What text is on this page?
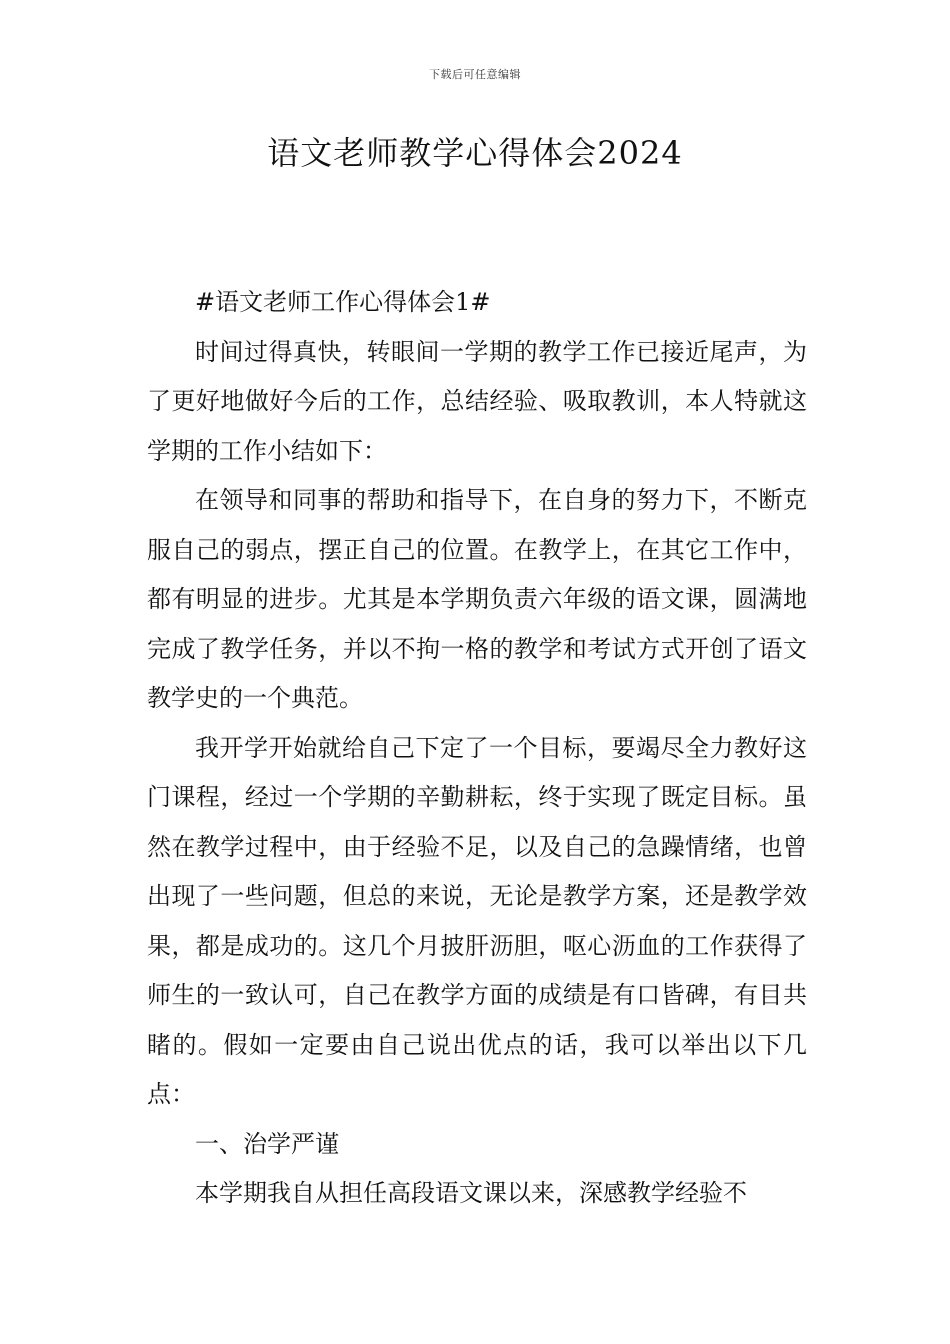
下载后可任意编辑
语文老师教学心得体会2024

#语文老师工作心得体会1#

时间过得真快，转眼间一学期的教学工作已接近尾声，为了更好地做好今后的工作，总结经验、吸取教训，本人特就这学期的工作小结如下：

在领导和同事的帮助和指导下，在自身的努力下，不断克服自己的弱点，摆正自己的位置。在教学上，在其它工作中，都有明显的进步。尤其是本学期负责六年级的语文课，圆满地完成了教学任务，并以不拘一格的教学和考试方式开创了语文教学史的一个典范。

我开学开始就给自己下定了一个目标，要竭尽全力教好这门课程，经过一个学期的辛勤耕耘，终于实现了既定目标。虽然在教学过程中，由于经验不足，以及自己的急躁情绪，也曾出现了一些问题，但总的来说，无论是教学方案，还是教学效果，都是成功的。这几个月披肝沥胆，呕心沥血的工作获得了师生的一致认可，自己在教学方面的成绩是有口皆碑，有目共睹的。假如一定要由自己说出优点的话，我可以举出以下几点：

一、治学严谨

本学期我自从担任高段语文课以来，深感教学经验不
